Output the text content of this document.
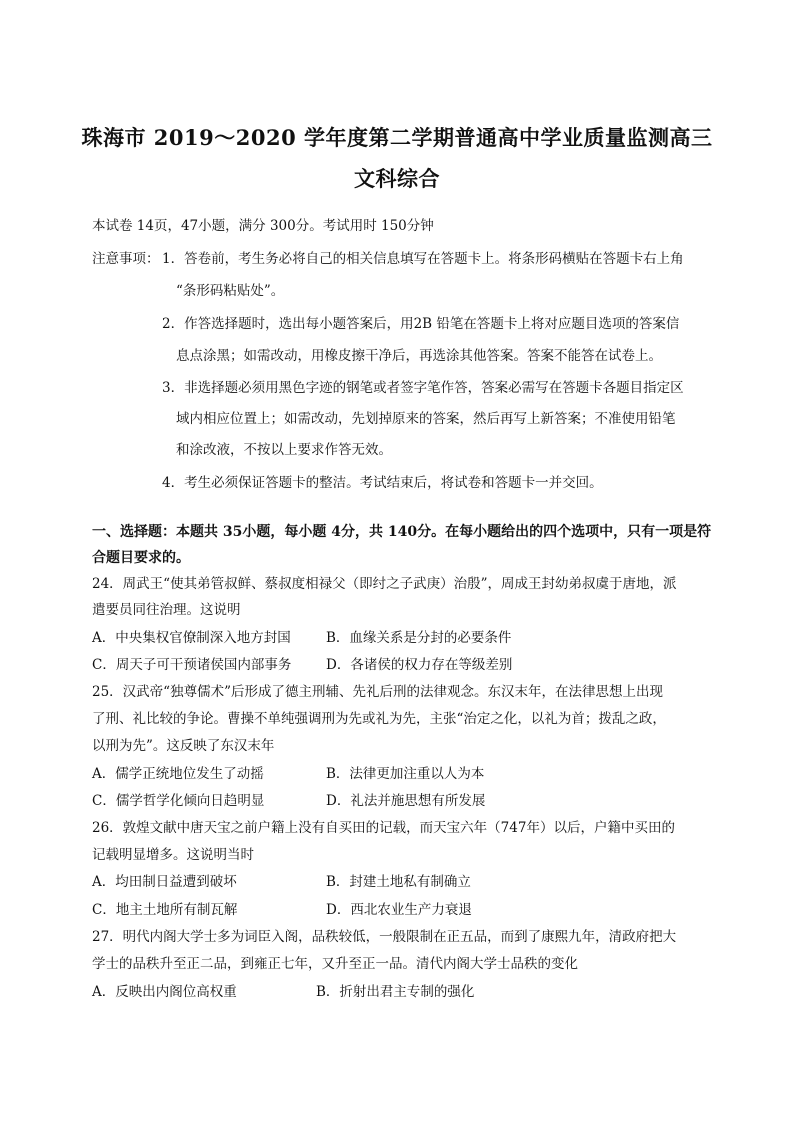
珠海市 2019～2020 学年度第二学期普通高中学业质量监测高三
文科综合
本试卷 14页，47小题，满分 300分。考试用时 150分钟
注意事项： 1．答卷前，考生务必将自己的相关信息填写在答题卡上。将条形码横贴在答题卡右上角
“条形码粘贴处”。
2．作答选择题时，选出每小题答案后，用2B 铅笔在答题卡上将对应题目选项的答案信
息点涂黑；如需改动，用橡皮擦干净后，再选涂其他答案。答案不能答在试卷上。
3．非选择题必须用黑色字迹的钢笔或者签字笔作答，答案必需写在答题卡各题目指定区
域内相应位置上；如需改动，先划掉原来的答案，然后再写上新答案；不准使用铅笔
和涂改液，不按以上要求作答无效。
4．考生必须保证答题卡的整洁。考试结束后，将试卷和答题卡一并交回。
一、选择题：本题共 35小题，每小题 4分，共 140分。在每小题给出的四个选项中，只有一项是符
合题目要求的。
24．周武王“使其弟管叔鲜、蔡叔度相禄父（即纣之子武庚）治殷”，周成王封幼弟叔虞于唐地，派
遣要员同往治理。这说明
A．中央集权官僚制深入地方封国	B．血缘关系是分封的必要条件
C．周天子可干预诸侯国内部事务	D．各诸侯的权力存在等级差别
25．汉武帝“独尊儒术”后形成了德主刑辅、先礼后刑的法律观念。东汉末年，在法律思想上出现
了刑、礼比较的争论。曹操不单纯强调刑为先或礼为先，主张“治定之化，以礼为首；拨乱之政，
以刑为先”。这反映了东汉末年
A．儒学正统地位发生了动摇	B．法律更加注重以人为本
C．儒学哲学化倾向日趋明显	D．礼法并施思想有所发展
26．敦煌文献中唐天宝之前户籍上没有自买田的记载，而天宝六年（747年）以后，户籍中买田的
记载明显增多。这说明当时
A．均田制日益遭到破坏	B．封建土地私有制确立
C．地主土地所有制瓦解	D．西北农业生产力衰退
27．明代内阁大学士多为词臣入阁，品秩较低，一般限制在正五品，而到了康熙九年，清政府把大
学士的品秩升至正二品，到雍正七年，又升至正一品。清代内阁大学士品秩的变化
A．反映出内阁位高权重	B．折射出君主专制的强化
